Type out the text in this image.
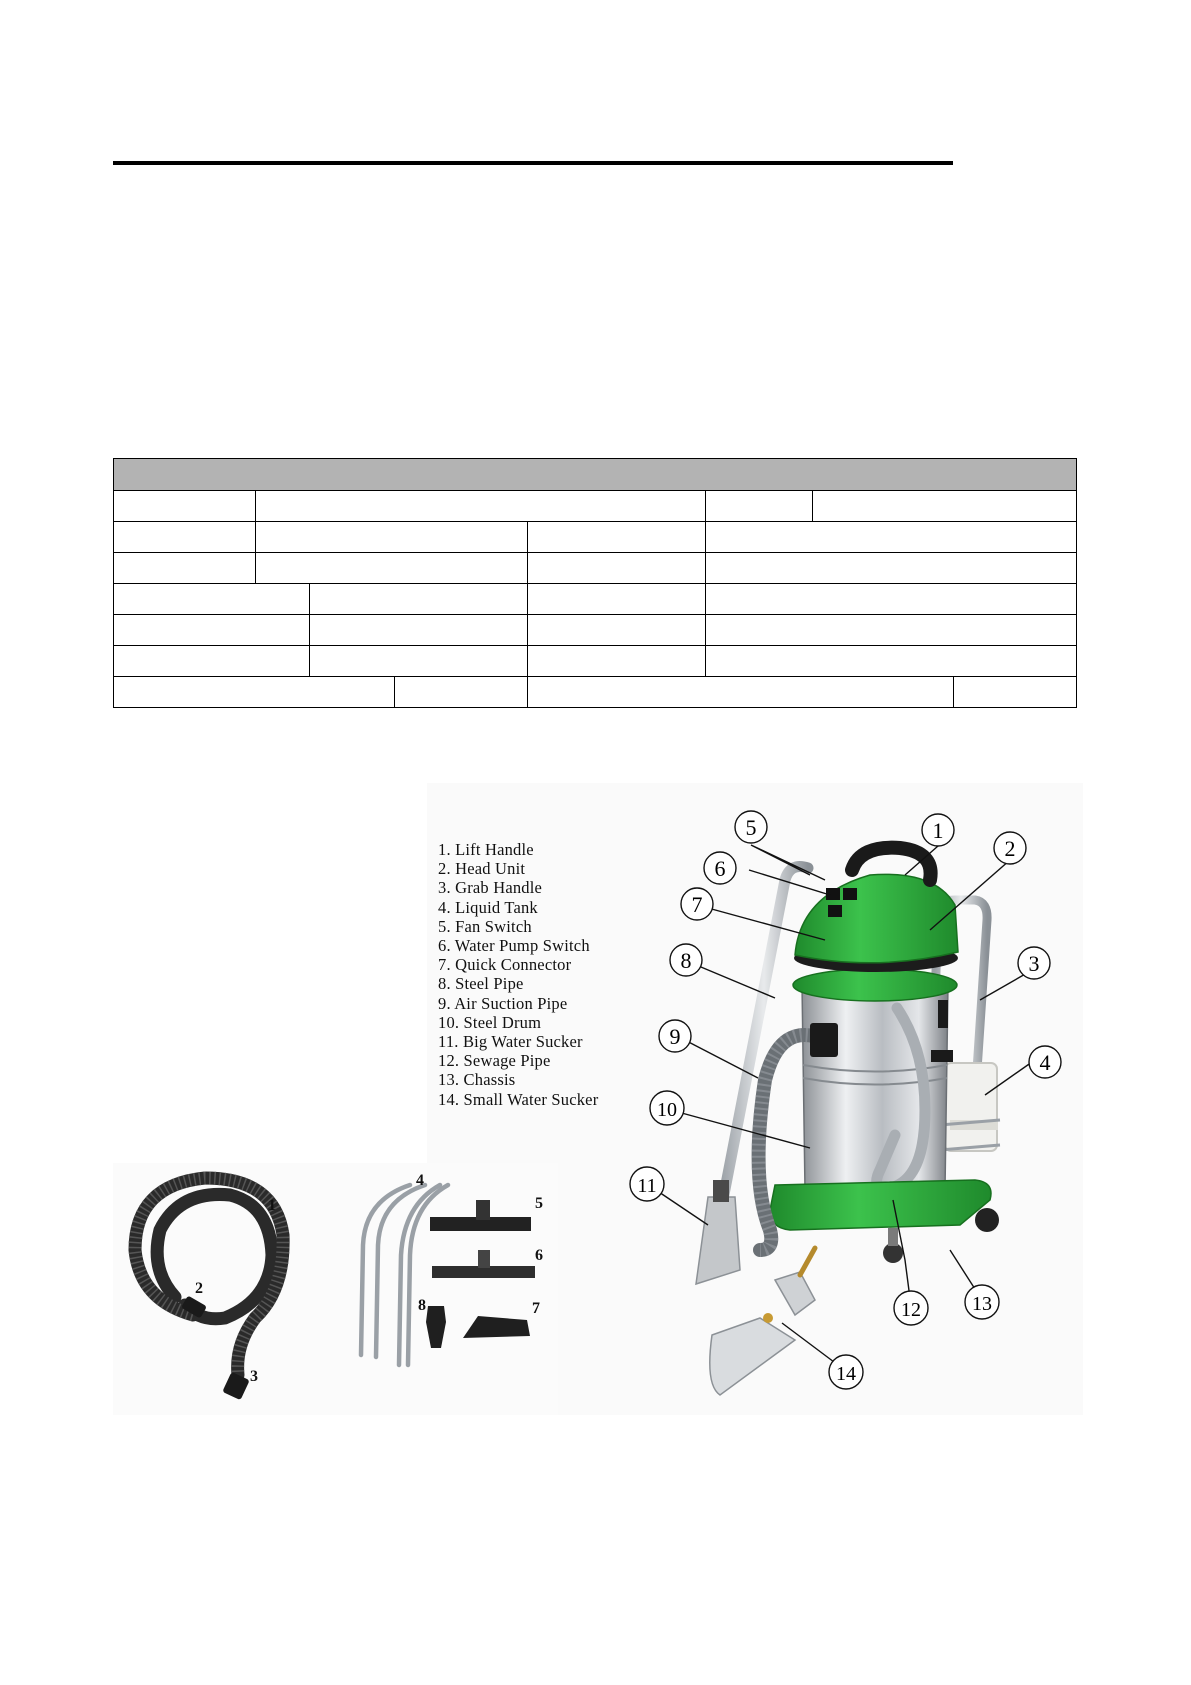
1. Lift Handle
2. Head Unit
3. Grab Handle
4. Liquid Tank
5. Fan Switch
6. Water Pump Switch
7. Quick Connector
8. Steel Pipe
9. Air Suction Pipe
10. Steel Drum
11. Big Water Sucker
12. Sewage Pipe
13. Chassis
14. Small Water Sucker
5	1
2
6
7
3
8
9
4
10
11
12	13
14
1
2
3
4
5
6
7
8
